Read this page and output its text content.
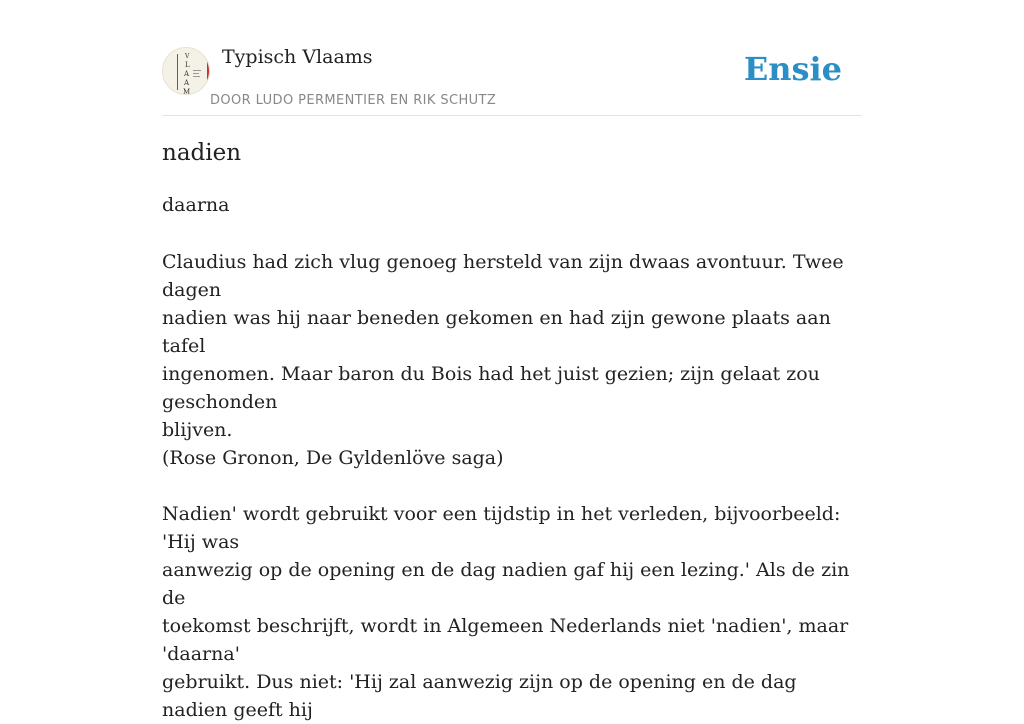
V
L
A
A
M
Typisch Vlaams
DOOR LUDO PERMENTIER EN RIK SCHUTZ
Ensie
nadien
daarna

Claudius had zich vlug genoeg hersteld van zijn dwaas avontuur. Twee dagen

nadien was hij naar beneden gekomen en had zijn gewone plaats aan tafel

ingenomen. Maar baron du Bois had het juist gezien; zijn gelaat zou geschonden

blijven.

(Rose Gronon, De Gyldenlöve saga)

Nadien' wordt gebruikt voor een tijdstip in het verleden, bijvoorbeeld: 'Hij was

aanwezig op de opening en de dag nadien gaf hij een lezing.' Als de zin de

toekomst beschrijft, wordt in Algemeen Nederlands niet 'nadien', maar 'daarna'

gebruikt. Dus niet: 'Hij zal aanwezig zijn op de opening en de dag nadien geeft hij
